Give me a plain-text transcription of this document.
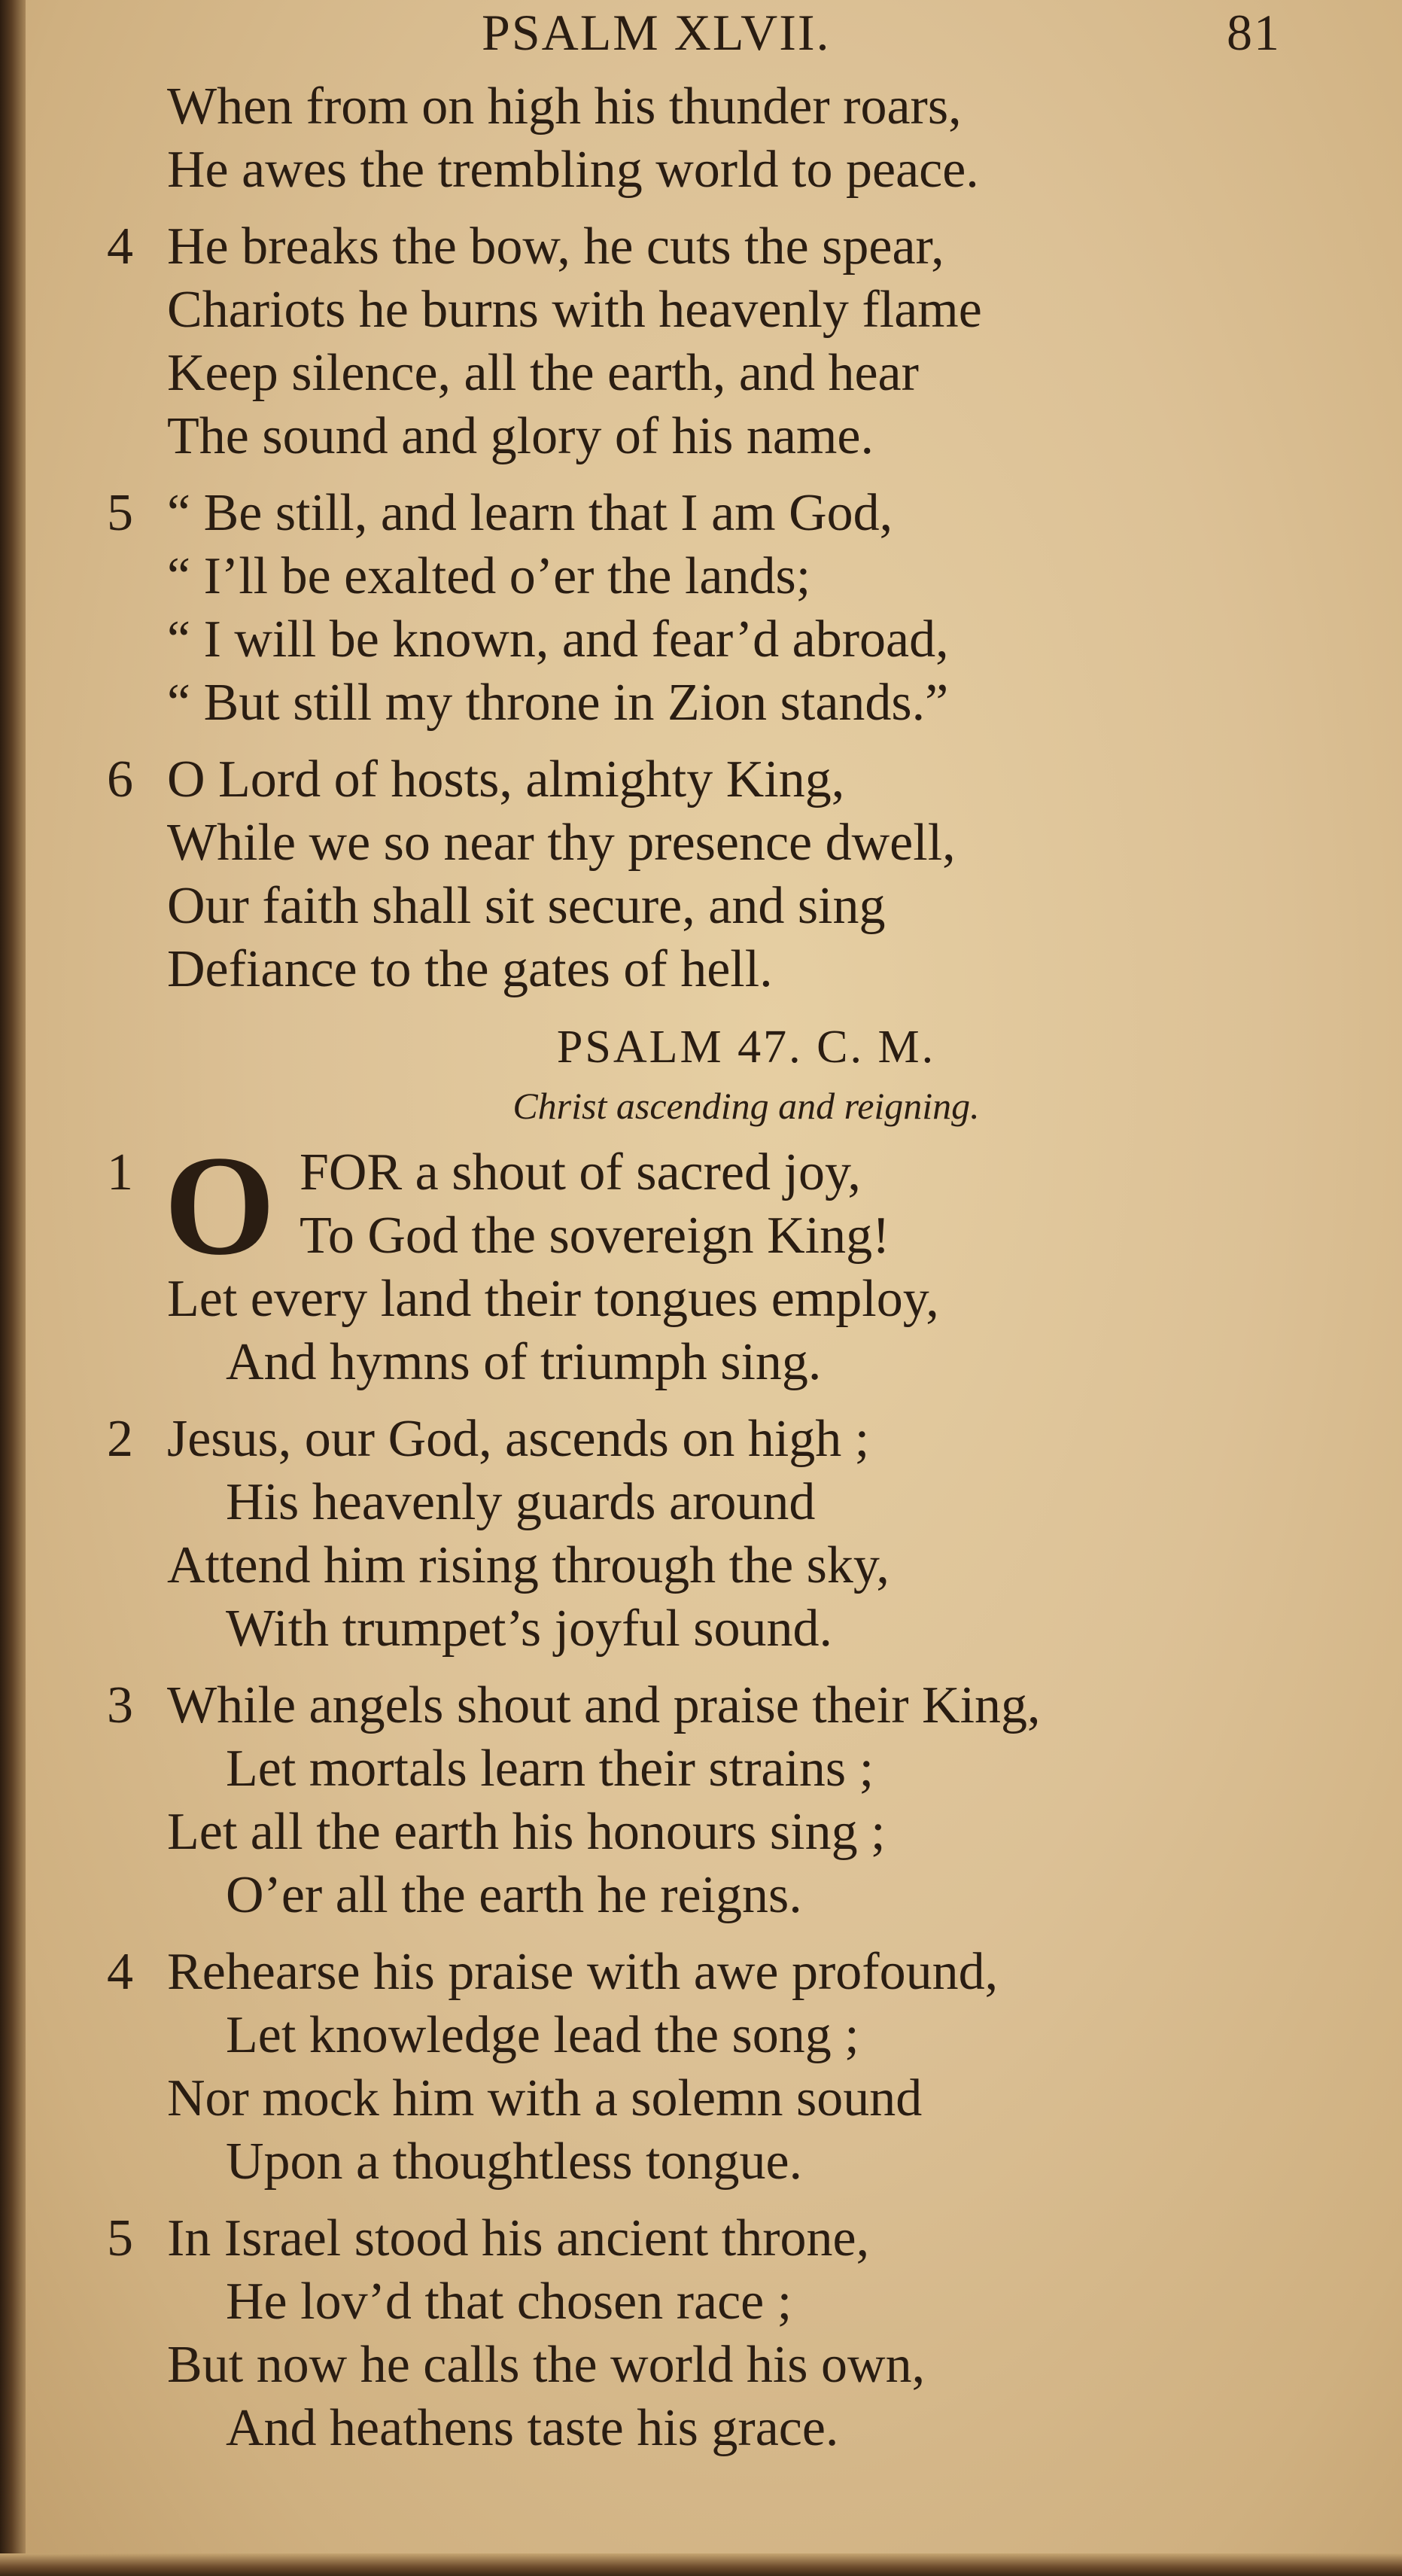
PSALM XLVII.	81
When from on high his thunder roars,
He awes the trembling world to peace.
4 He breaks the bow, he cuts the spear,
Chariots he burns with heavenly flame
Keep silence, all the earth, and hear
The sound and glory of his name.
5 “ Be still, and learn that I am God,
“ I’ll be exalted o’er the lands;
“ I will be known, and fear’d abroad,
“ But still my throne in Zion stands.”
6 O Lord of hosts, almighty King,
While we so near thy presence dwell,
Our faith shall sit secure, and sing
Defiance to the gates of hell.
PSALM 47. C. M.
Christ ascending and reigning.
1 O FOR a shout of sacred joy,
To God the sovereign King!
Let every land their tongues employ,
And hymns of triumph sing.
2 Jesus, our God, ascends on high ;
His heavenly guards around
Attend him rising through the sky,
With trumpet’s joyful sound.
3 While angels shout and praise their King,
Let mortals learn their strains ;
Let all the earth his honours sing ;
O’er all the earth he reigns.
4 Rehearse his praise with awe profound,
Let knowledge lead the song ;
Nor mock him with a solemn sound
Upon a thoughtless tongue.
5 In Israel stood his ancient throne,
He lov’d that chosen race ;
But now he calls the world his own,
And heathens taste his grace.
